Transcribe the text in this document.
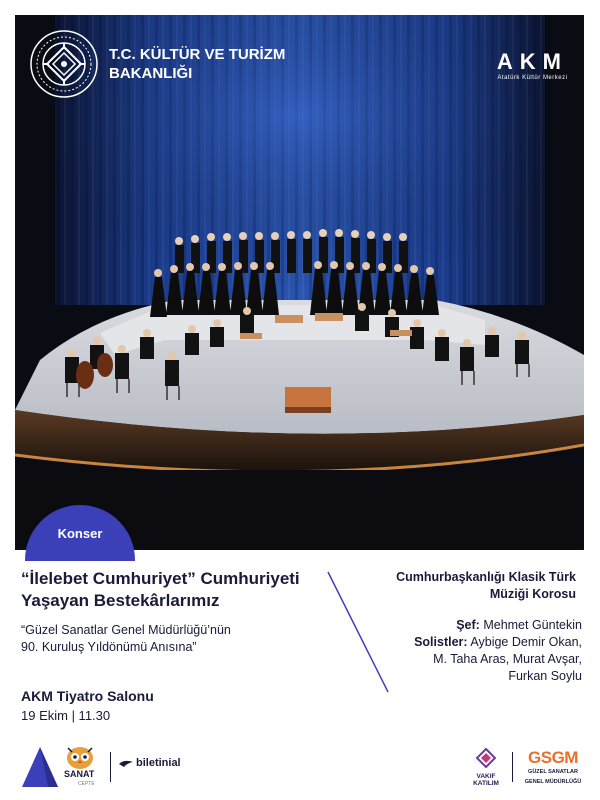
T.C. KÜLTÜR VE TURİZM
BAKANLIĞI	AKM
Atatürk Kültür Merkezi
Konser
“İlelebet Cumhuriyet” Cumhuriyeti
Yaşayan Bestekârlarımız
“Güzel Sanatlar Genel Müdürlüğü’nün
90. Kuruluş Yıldönümü Anısına”
AKM Tiyatro Salonu
19 Ekim | 11.30
Cumhurbaşkanlığı Klasik Türk
Müziği Korosu
Şef: Mehmet Güntekin
Solistler: Aybige Demir Okan,
M. Taha Aras, Murat Avşar,
Furkan Soylu
SANAT
CEPTE
biletinial
VAKIF
KATILIM
GSGM
GÜZEL SANATLAR
GENEL MÜDÜRLÜĞÜ
